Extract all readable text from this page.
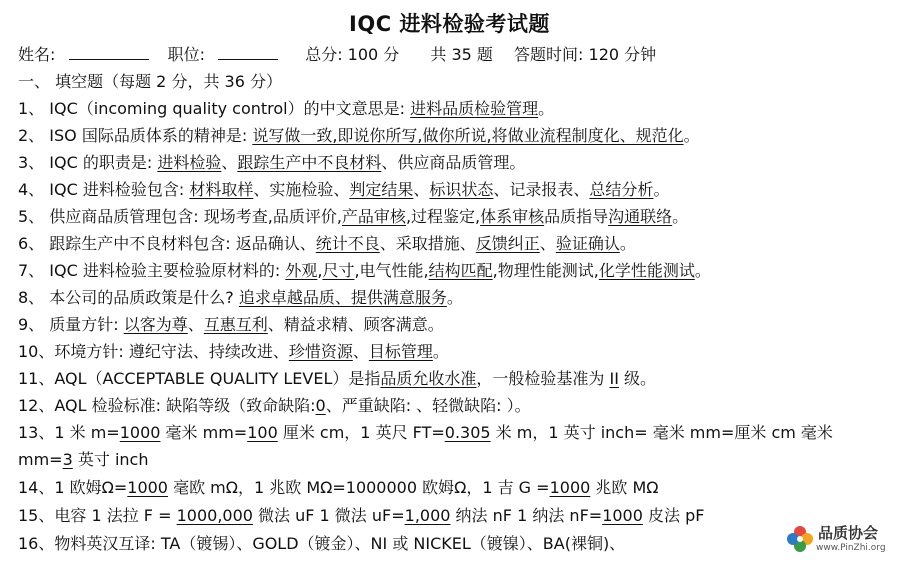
IQC 进料检验考试题
姓名:	职位:	总分: 100 分 共 35 题 答题时间: 120 分钟
一、 填空题（每题 2 分，共 36 分）
1、 IQC（incoming quality control）的中文意思是: 进料品质检验管理。
2、 ISO 国际品质体系的精神是: 说写做一致,即说你所写,做你所说,将做业流程制度化、规范化。
3、 IQC 的职责是: 进料检验、跟踪生产中不良材料、供应商品质管理。
4、 IQC 进料检验包含: 材料取样、实施检验、判定结果、标识状态、记录报表、总结分析。
5、 供应商品质管理包含: 现场考查,品质评价,产品审核,过程鉴定,体系审核品质指导沟通联络。
6、 跟踪生产中不良材料包含: 返品确认、统计不良、采取措施、反馈纠正、验证确认。
7、 IQC 进料检验主要检验原材料的: 外观,尺寸,电气性能,结构匹配,物理性能测试,化学性能测试。
8、 本公司的品质政策是什么? 追求卓越品质、提供满意服务。
9、 质量方针: 以客为尊、互惠互利、精益求精、顾客满意。
10、环境方针: 遵纪守法、持续改进、珍惜资源、目标管理。
11、AQL（ACCEPTABLE QUALITY LEVEL）是指品质允收水准，一般检验基准为 II 级。
12、AQL 检验标准: 缺陷等级（致命缺陷:0、严重缺陷: 、轻微缺陷: ）。
13、1 米 m=1000 毫米 mm=100 厘米 cm，1 英尺 FT=0.305 米 m，1 英寸 inch= 毫米 mm=厘米 cm 毫米
mm=3 英寸 inch
14、1 欧姆Ω=1000 毫欧 mΩ，1 兆欧 MΩ=1000000 欧姆Ω，1 吉 G =1000 兆欧 MΩ
15、电容 1 法拉 F = 1000,000 微法 uF 1 微法 uF=1,000 纳法 nF 1 纳法 nF=1000 皮法 pF
16、物料英汉互译: TA（镀锡）、GOLD（镀金）、NI 或 NICKEL（镀镍）、BA(裸铜)、
品质协会
www.PinZhi.org
